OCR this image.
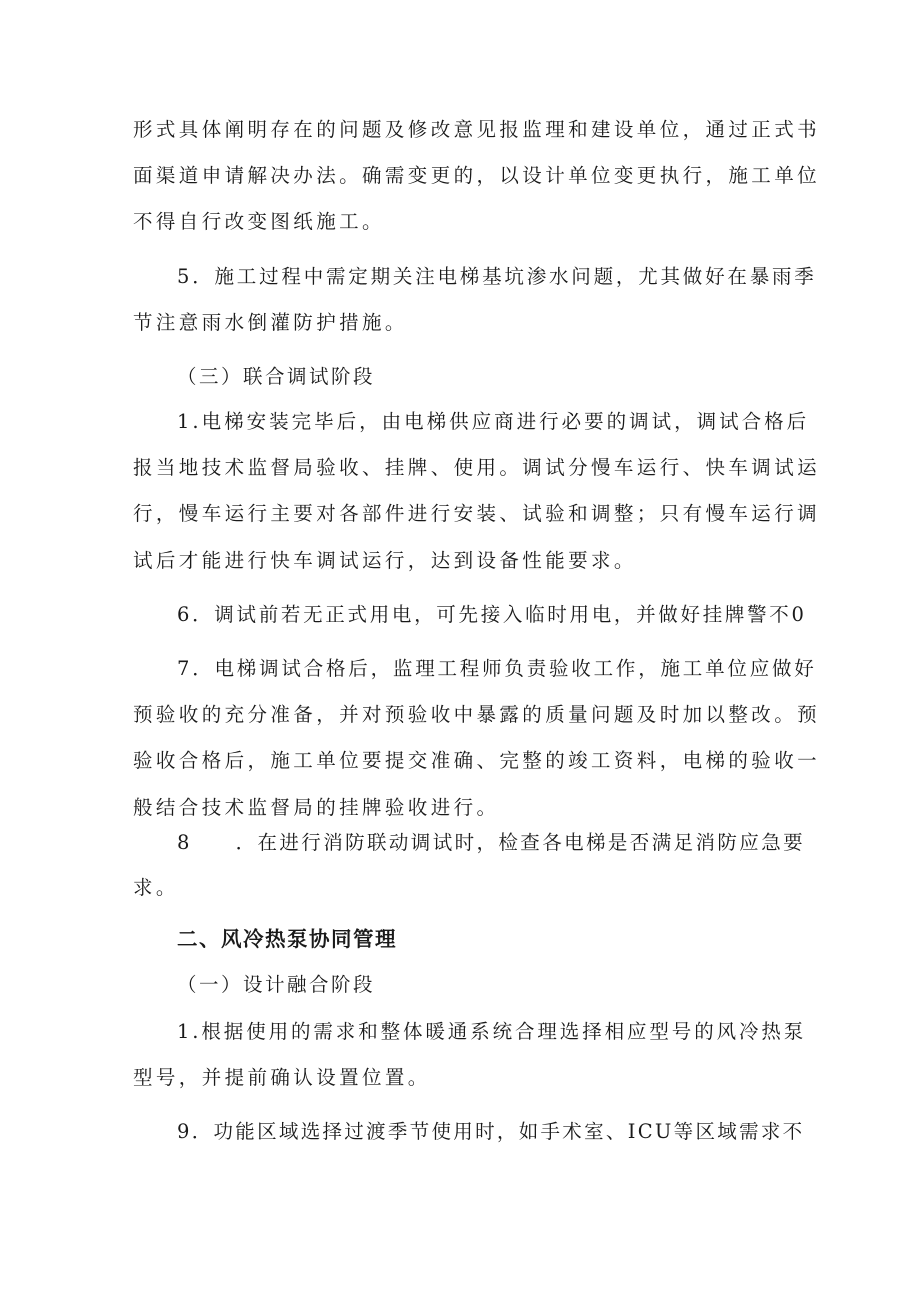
形式具体阐明存在的问题及修改意见报监理和建设单位，通过正式书
面渠道申请解决办法。确需变更的，以设计单位变更执行，施工单位
不得自行改变图纸施工。
5．施工过程中需定期关注电梯基坑渗水问题，尤其做好在暴雨季
节注意雨水倒灌防护措施。
（三）联合调试阶段
1.电梯安装完毕后，由电梯供应商进行必要的调试，调试合格后
报当地技术监督局验收、挂牌、使用。调试分慢车运行、快车调试运
行，慢车运行主要对各部件进行安装、试验和调整；只有慢车运行调
试后才能进行快车调试运行，达到设备性能要求。
6．调试前若无正式用电，可先接入临时用电，并做好挂牌警不0
7．电梯调试合格后，监理工程师负责验收工作，施工单位应做好
预验收的充分准备，并对预验收中暴露的质量问题及时加以整改。预
验收合格后，施工单位要提交准确、完整的竣工资料，电梯的验收一
般结合技术监督局的挂牌验收进行。
8　　．在进行消防联动调试时，检查各电梯是否满足消防应急要
求。
二、风冷热泵协同管理
（一）设计融合阶段
1.根据使用的需求和整体暖通系统合理选择相应型号的风冷热泵
型号，并提前确认设置位置。
9．功能区域选择过渡季节使用时，如手术室、ICU等区域需求不
